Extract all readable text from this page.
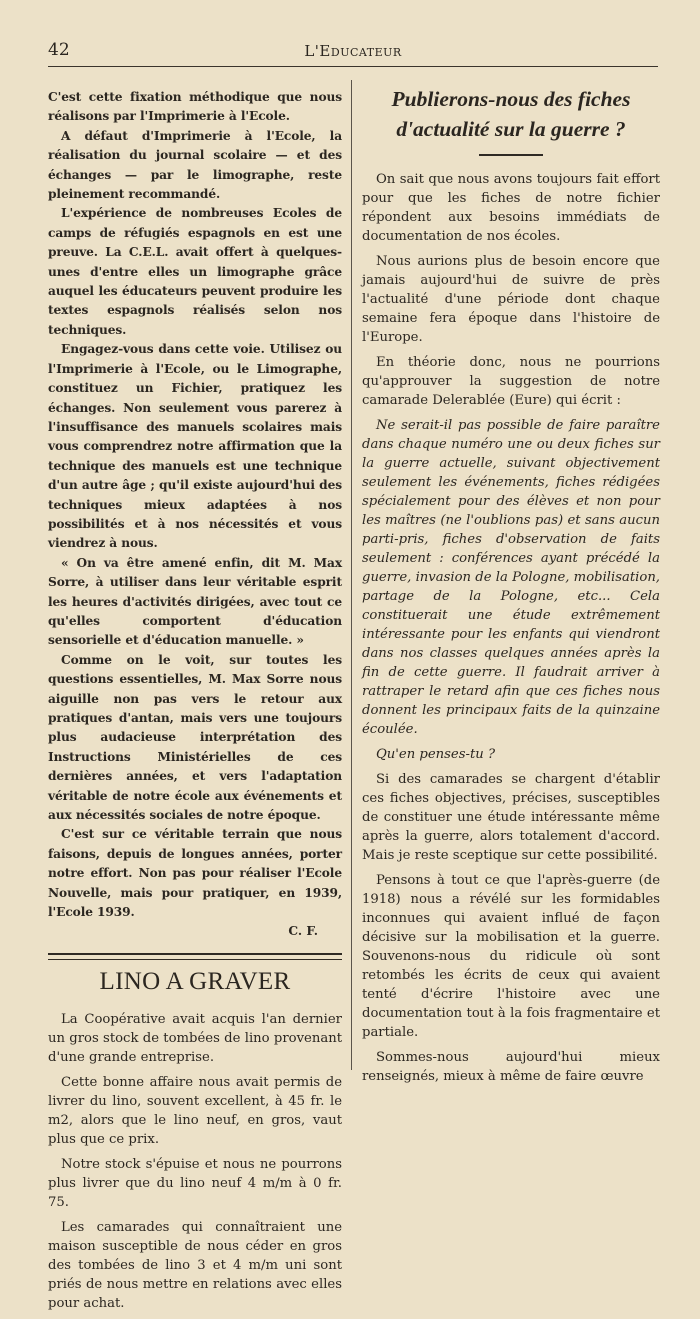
42	L'Educateur

C'est cette fixation méthodique que nous réalisons par l'Imprimerie à l'Ecole.

A défaut d'Imprimerie à l'Ecole, la réalisation du journal scolaire — et des échanges — par le limographe, reste pleinement recommandé.

L'expérience de nombreuses Ecoles de camps de réfugiés espagnols en est une preuve. La C.E.L. avait offert à quelques-unes d'entre elles un limographe grâce auquel les éducateurs peuvent produire les textes espagnols réalisés selon nos techniques.

Engagez-vous dans cette voie. Utilisez ou l'Imprimerie à l'Ecole, ou le Limographe, constituez un Fichier, pratiquez les échanges. Non seulement vous parerez à l'insuffisance des manuels scolaires mais vous comprendrez notre affirmation que la technique des manuels est une technique d'un autre âge ; qu'il existe aujourd'hui des techniques mieux adaptées à nos possibilités et à nos nécessités et vous viendrez à nous.

« On va être amené enfin, dit M. Max Sorre, à utiliser dans leur véritable esprit les heures d'activités dirigées, avec tout ce qu'elles comportent d'éducation sensorielle et d'éducation manuelle. »

Comme on le voit, sur toutes les questions essentielles, M. Max Sorre nous aiguille non pas vers le retour aux pratiques d'antan, mais vers une toujours plus audacieuse interprétation des Instructions Ministérielles de ces dernières années, et vers l'adaptation véritable de notre école aux événements et aux nécessités sociales de notre époque.

C'est sur ce véritable terrain que nous faisons, depuis de longues années, porter notre effort. Non pas pour réaliser l'Ecole Nouvelle, mais pour pratiquer, en 1939, l'Ecole 1939.

C. F.
LINO A GRAVER

La Coopérative avait acquis l'an dernier un gros stock de tombées de lino provenant d'une grande entreprise.

Cette bonne affaire nous avait permis de livrer du lino, souvent excellent, à 45 fr. le m2, alors que le lino neuf, en gros, vaut plus que ce prix.

Notre stock s'épuise et nous ne pourrons plus livrer que du lino neuf 4 m/m à 0 fr. 75.

Les camarades qui connaîtraient une maison susceptible de nous céder en gros des tombées de lino 3 et 4 m/m uni sont priés de nous mettre en relations avec elles pour achat.

Publierons-nous des fiches
d'actualité sur la guerre ?

On sait que nous avons toujours fait effort pour que les fiches de notre fichier répondent aux besoins immédiats de documentation de nos écoles.

Nous aurions plus de besoin encore que jamais aujourd'hui de suivre de près l'actualité d'une période dont chaque semaine fera époque dans l'histoire de l'Europe.

En théorie donc, nous ne pourrions qu'approuver la suggestion de notre camarade Delerablée (Eure) qui écrit :

Ne serait-il pas possible de faire paraître dans chaque numéro une ou deux fiches sur la guerre actuelle, suivant objectivement seulement les événements, fiches rédigées spécialement pour des élèves et non pour les maîtres (ne l'oublions pas) et sans aucun parti-pris, fiches d'observation de faits seulement : conférences ayant précédé la guerre, invasion de la Pologne, mobilisation, partage de la Pologne, etc... Cela constituerait une étude extrêmement intéressante pour les enfants qui viendront dans nos classes quelques années après la fin de cette guerre. Il faudrait arriver à rattraper le retard afin que ces fiches nous donnent les principaux faits de la quinzaine écoulée.

Qu'en penses-tu ?

Si des camarades se chargent d'établir ces fiches objectives, précises, susceptibles de constituer une étude intéressante même après la guerre, alors totalement d'accord. Mais je reste sceptique sur cette possibilité.

Pensons à tout ce que l'après-guerre (de 1918) nous a révélé sur les formidables inconnues qui avaient influé de façon décisive sur la mobilisation et la guerre. Souvenons-nous du ridicule où sont retombés les écrits de ceux qui avaient tenté d'écrire l'histoire avec une documentation tout à la fois fragmentaire et partiale.

Sommes-nous aujourd'hui mieux renseignés, mieux à même de faire œuvre
